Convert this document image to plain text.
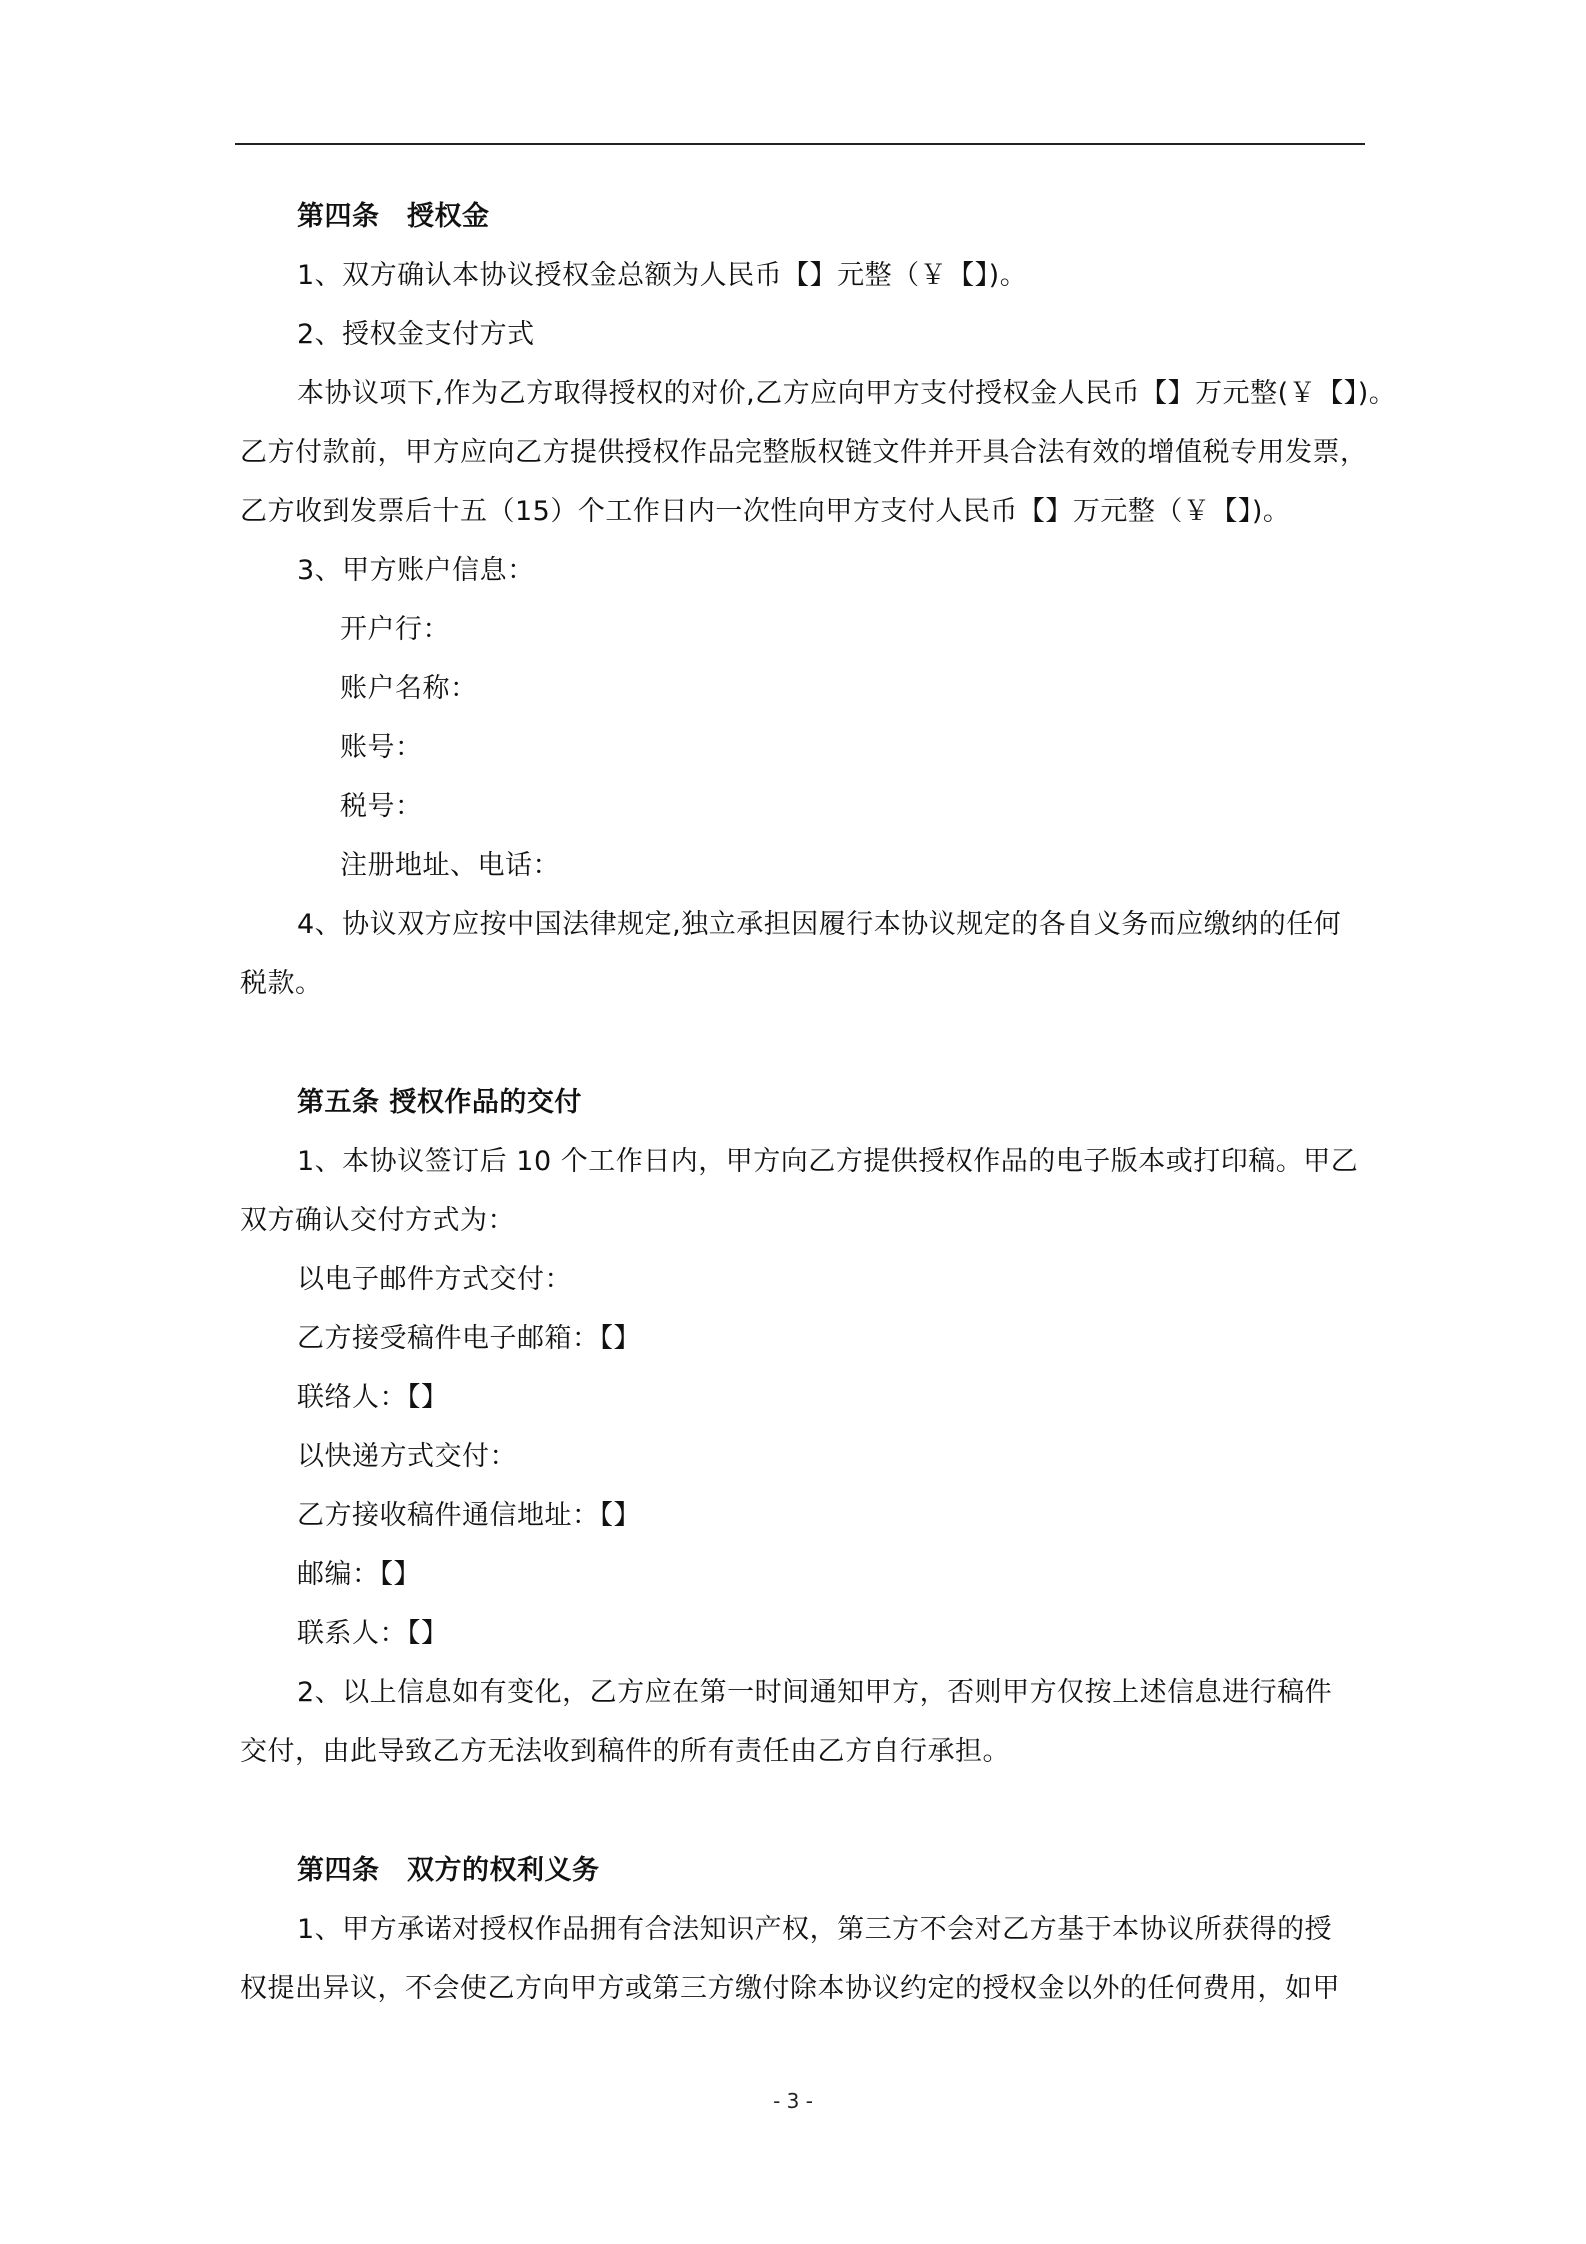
第四条　授权金
1、双方确认本协议授权金总额为人民币【】元整（￥【】)。
2、授权金支付方式
本协议项下,作为乙方取得授权的对价,乙方应向甲方支付授权金人民币【】万元整(￥【】)。
乙方付款前，甲方应向乙方提供授权作品完整版权链文件并开具合法有效的增值税专用发票，
乙方收到发票后十五（15）个工作日内一次性向甲方支付人民币【】万元整（￥【】)。
3、甲方账户信息：
开户行：
账户名称：
账号：
税号：
注册地址、电话：
4、协议双方应按中国法律规定,独立承担因履行本协议规定的各自义务而应缴纳的任何
税款。
第五条 授权作品的交付
1、本协议签订后 10 个工作日内，甲方向乙方提供授权作品的电子版本或打印稿。甲乙
双方确认交付方式为：
以电子邮件方式交付：
乙方接受稿件电子邮箱：【】
联络人：【】
以快递方式交付：
乙方接收稿件通信地址：【】
邮编：【】
联系人：【】
2、以上信息如有变化，乙方应在第一时间通知甲方，否则甲方仅按上述信息进行稿件
交付，由此导致乙方无法收到稿件的所有责任由乙方自行承担。
第四条　双方的权利义务
1、甲方承诺对授权作品拥有合法知识产权，第三方不会对乙方基于本协议所获得的授
权提出异议，不会使乙方向甲方或第三方缴付除本协议约定的授权金以外的任何费用，如甲
- 3 -
